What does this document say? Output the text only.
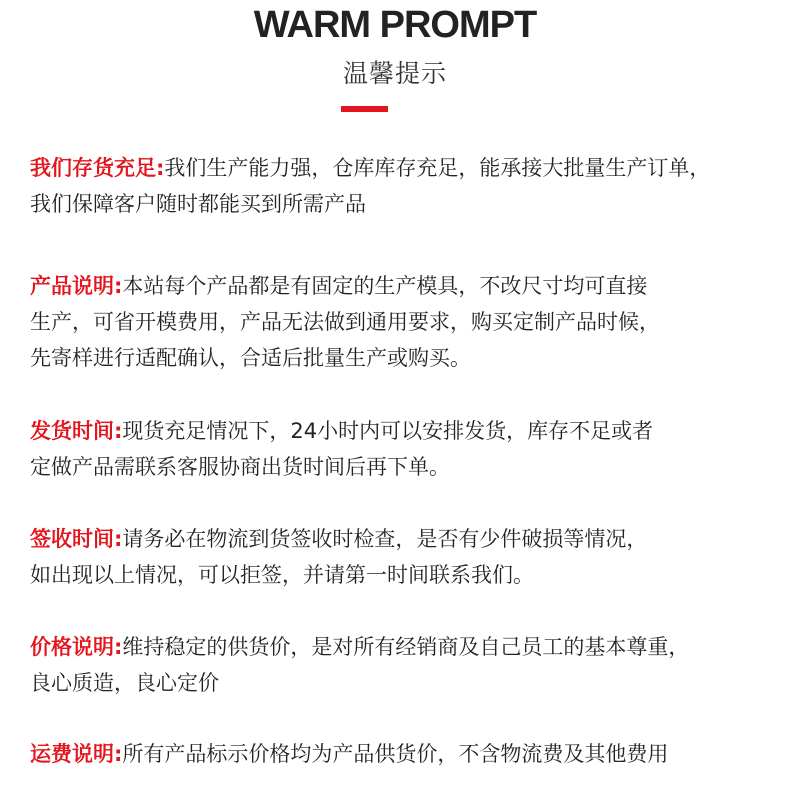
WARM PROMPT
温馨提示
我们存货充足:我们生产能力强，仓库库存充足，能承接大批量生产订单，
我们保障客户随时都能买到所需产品
产品说明:本站每个产品都是有固定的生产模具，不改尺寸均可直接
生产，可省开模费用，产品无法做到通用要求，购买定制产品时候，
先寄样进行适配确认，合适后批量生产或购买。
发货时间:现货充足情况下，24小时内可以安排发货，库存不足或者
定做产品需联系客服协商出货时间后再下单。
签收时间:请务必在物流到货签收时检查，是否有少件破损等情况，
如出现以上情况，可以拒签，并请第一时间联系我们。
价格说明:维持稳定的供货价，是对所有经销商及自己员工的基本尊重，
良心质造，良心定价
运费说明:所有产品标示价格均为产品供货价，不含物流费及其他费用
